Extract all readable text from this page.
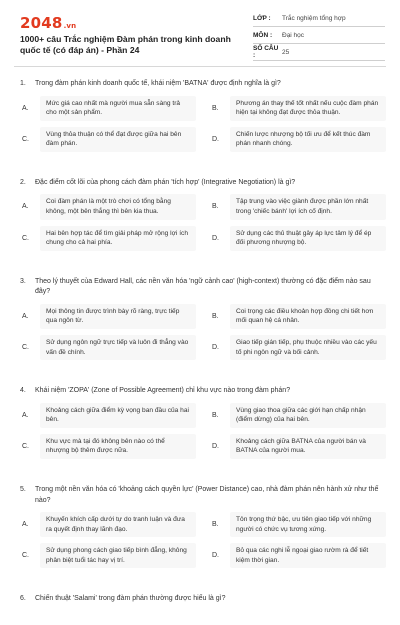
2048.vn
1000+ câu Trắc nghiệm Đàm phán trong kinh doanh quốc tế (có đáp án) - Phần 24
LỚP :	Trắc nghiệm tổng hợp
MÔN :	Đại học
SỐ CÂU :	25
1.	Trong đàm phán kinh doanh quốc tế, khái niệm 'BATNA' được định nghĩa là gì?
A.
Mức giá cao nhất mà người mua sẵn sàng trả cho một sản phẩm.
B.
Phương án thay thế tốt nhất nếu cuộc đàm phán hiện tại không đạt được thỏa thuận.
C.
Vùng thỏa thuận có thể đạt được giữa hai bên đàm phán.
D.
Chiến lược nhượng bộ tối ưu để kết thúc đàm phán nhanh chóng.
2.	Đặc điểm cốt lõi của phong cách đàm phán 'tích hợp' (Integrative Negotiation) là gì?
A.
Coi đàm phán là một trò chơi có tổng bằng không, một bên thắng thì bên kia thua.
B.
Tập trung vào việc giành được phần lớn nhất trong 'chiếc bánh' lợi ích cố định.
C.
Hai bên hợp tác để tìm giải pháp mở rộng lợi ích chung cho cả hai phía.
D.
Sử dụng các thủ thuật gây áp lực tâm lý để ép đối phương nhượng bộ.
3.	Theo lý thuyết của Edward Hall, các nền văn hóa 'ngữ cảnh cao' (high-context) thường có đặc điểm nào sau đây?
A.
Mọi thông tin được trình bày rõ ràng, trực tiếp qua ngôn từ.
B.
Coi trọng các điều khoản hợp đồng chi tiết hơn mối quan hệ cá nhân.
C.
Sử dụng ngôn ngữ trực tiếp và luôn đi thẳng vào vấn đề chính.
D.
Giao tiếp gián tiếp, phụ thuộc nhiều vào các yếu tố phi ngôn ngữ và bối cảnh.
4.	Khái niệm 'ZOPA' (Zone of Possible Agreement) chỉ khu vực nào trong đàm phán?
A.
Khoảng cách giữa điểm kỳ vọng ban đầu của hai bên.
B.
Vùng giao thoa giữa các giới hạn chấp nhận (điểm dừng) của hai bên.
C.
Khu vực mà tại đó không bên nào có thể nhượng bộ thêm được nữa.
D.
Khoảng cách giữa BATNA của người bán và BATNA của người mua.
5.	Trong một nền văn hóa có 'khoảng cách quyền lực' (Power Distance) cao, nhà đàm phán nên hành xử như thế nào?
A.
Khuyến khích cấp dưới tự do tranh luận và đưa ra quyết định thay lãnh đạo.
B.
Tôn trọng thứ bậc, ưu tiên giao tiếp với những người có chức vụ tương xứng.
C.
Sử dụng phong cách giao tiếp bình đẳng, không phân biệt tuổi tác hay vị trí.
D.
Bỏ qua các nghi lễ ngoại giao rườm rà để tiết kiệm thời gian.
6.	Chiến thuật 'Salami' trong đàm phán thường được hiểu là gì?
